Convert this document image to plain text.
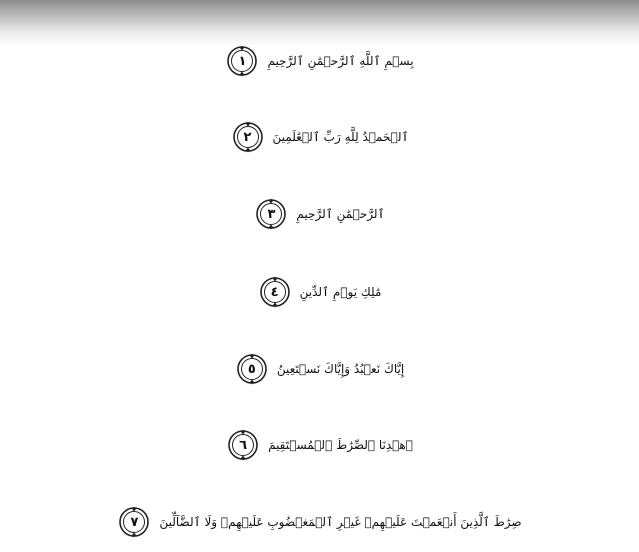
بِسۡمِ ٱللَّهِ ٱلرَّحۡمَٰنِ ٱلرَّحِيمِ
١
ٱلۡحَمۡدُ لِلَّهِ رَبِّ ٱلۡعَٰلَمِينَ
٢
ٱلرَّحۡمَٰنِ ٱلرَّحِيمِ
٣
مَٰلِكِ يَوۡمِ ٱلدِّينِ
٤
إِيَّاكَ نَعۡبُدُ وَإِيَّاكَ نَسۡتَعِينُ
٥
ٱهۡدِنَا ٱلصِّرَٰطَ ٱلۡمُسۡتَقِيمَ
٦
صِرَٰطَ ٱلَّذِينَ أَنۡعَمۡتَ عَلَيۡهِمۡ غَيۡرِ ٱلۡمَغۡضُوبِ عَلَيۡهِمۡ وَلَا ٱلضَّآلِّينَ
٧
